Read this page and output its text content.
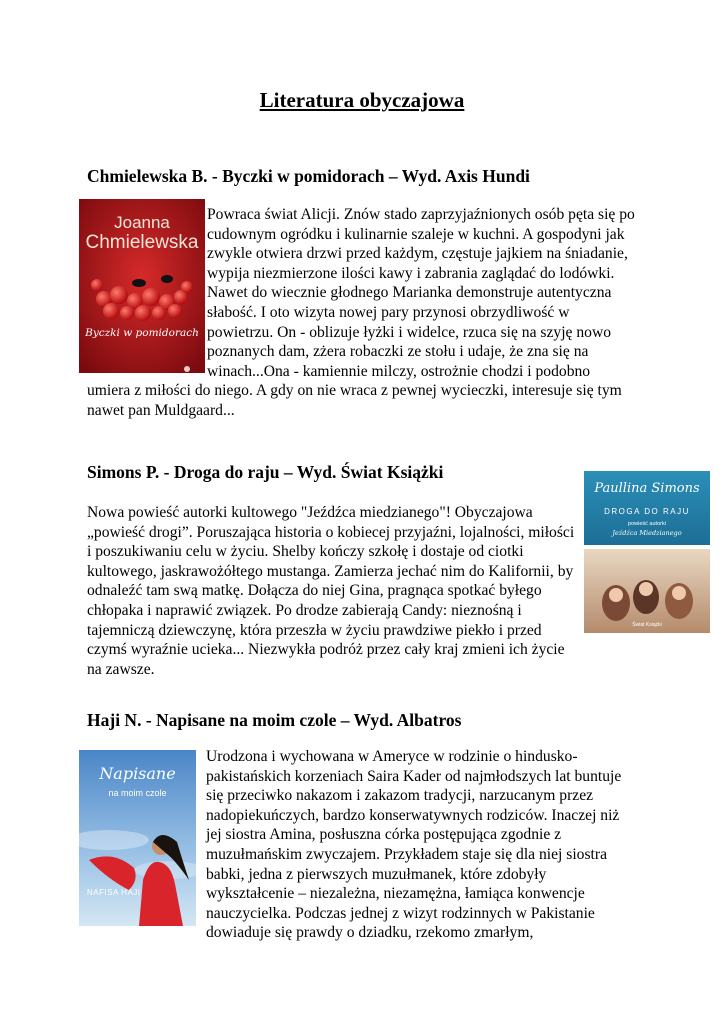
Literatura obyczajowa
Chmielewska B. - Byczki w pomidorach – Wyd. Axis Hundi
Joanna
Chmielewska
Byczki w pomidorach

Powraca świat Alicji. Znów stado zaprzyjaźnionych osób pęta się po cudownym ogródku i kulinarnie szaleje w kuchni. A gospodyni jak zwykle otwiera drzwi przed każdym, częstuje jajkiem na śniadanie, wypija niezmierzone ilości kawy i zabrania zaglądać do lodówki. Nawet do wiecznie głodnego Marianka demonstruje autentyczna słabość. I oto wizyta nowej pary przynosi obrzydliwość w powietrzu. On - oblizuje łyżki i widelce, rzuca się na szyję nowo poznanych dam, zżera robaczki ze stołu i udaje, że zna się na winach...Ona - kamiennie milczy, ostrożnie chodzi i podobno umiera z miłości do niego. A gdy on nie wraca z pewnej wycieczki, interesuje się tym nawet pan Muldgaard...

Simons P. - Droga do raju – Wyd. Świat Książki
Paullina Simons
DROGA DO RAJU
powieść autorki
Jeźdźca Miedzianego
Świat Książki

Nowa powieść autorki kultowego "Jeźdźca miedzianego"! Obyczajowa „powieść drogi”. Poruszająca historia o kobiecej przyjaźni, lojalności, miłości i poszukiwaniu celu w życiu. Shelby kończy szkołę i dostaje od ciotki kultowego, jaskrawożółtego mustanga. Zamierza jechać nim do Kalifornii, by odnaleźć tam swą matkę. Dołącza do niej Gina, pragnąca spotkać byłego chłopaka i naprawić związek. Po drodze zabierają Candy: nieznośną i tajemniczą dziewczynę, która przeszła w życiu prawdziwe piekło i przed czymś wyraźnie ucieka... Niezwykła podróż przez cały kraj zmieni ich życie na zawsze.

Haji N. - Napisane na moim czole – Wyd. Albatros
Napisane
na moim czole
NAFISA HAJI

Urodzona i wychowana w Ameryce w rodzinie o hindusko-pakistańskich korzeniach Saira Kader od najmłodszych lat buntuje się przeciwko nakazom i zakazom tradycji, narzucanym przez nadopiekuńczych, bardzo konserwatywnych rodziców. Inaczej niż jej siostra Amina, posłuszna córka postępująca zgodnie z muzułmańskim zwyczajem. Przykładem staje się dla niej siostra babki, jedna z pierwszych muzułmanek, które zdobyły wykształcenie – niezależna, niezamężna, łamiąca konwencje nauczycielka. Podczas jednej z wizyt rodzinnych w Pakistanie dowiaduje się prawdy o dziadku, rzekomo zmarłym,
